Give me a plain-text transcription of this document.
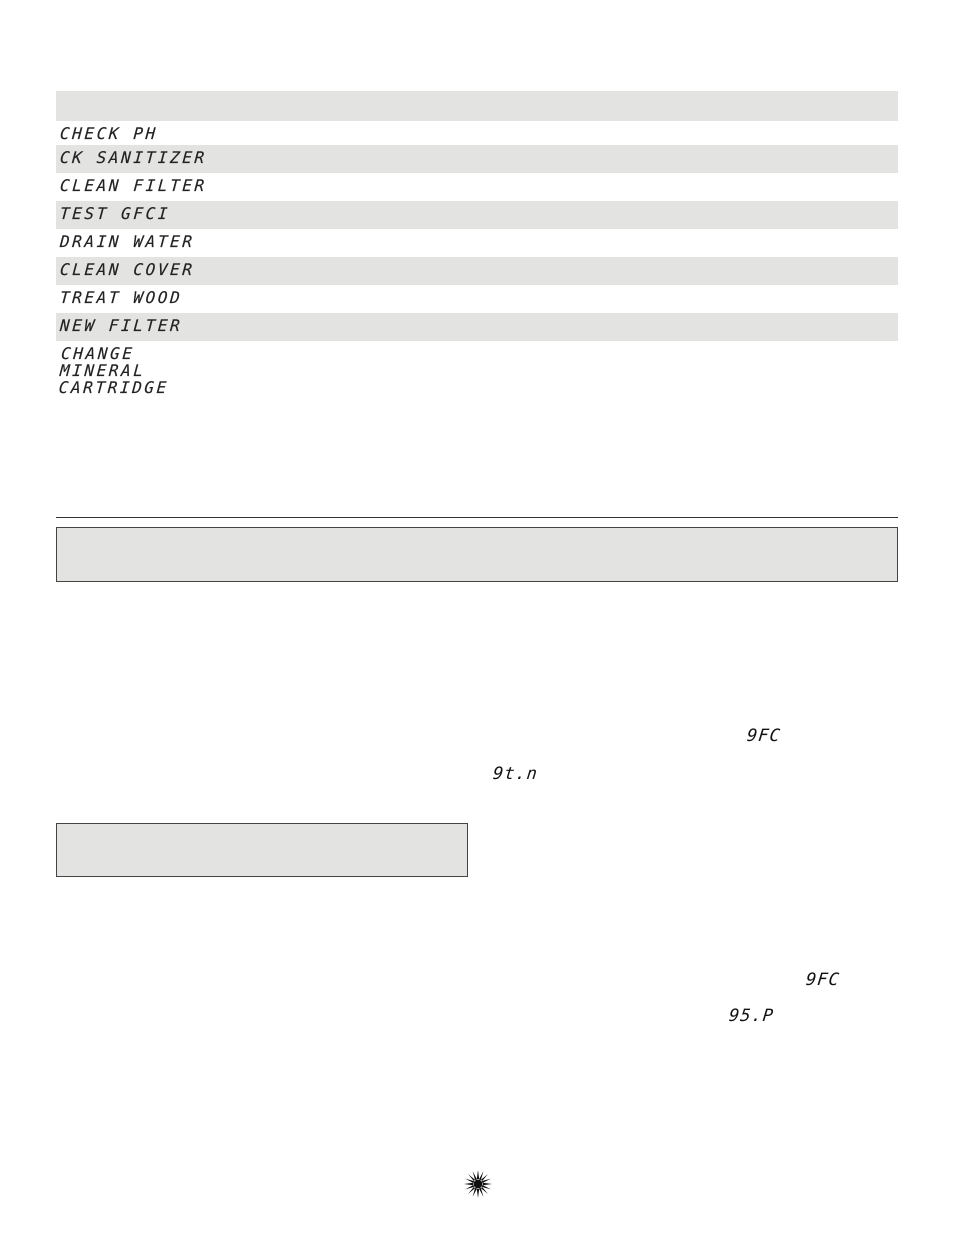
CHECK PH
CK SANITIZER
CLEAN FILTER
TEST GFCI
DRAIN WATER
CLEAN COVER
TREAT WOOD
NEW FILTER
CHANGE
MINERAL
CARTRIDGE
9FC
9t.n
9FC
95.P
